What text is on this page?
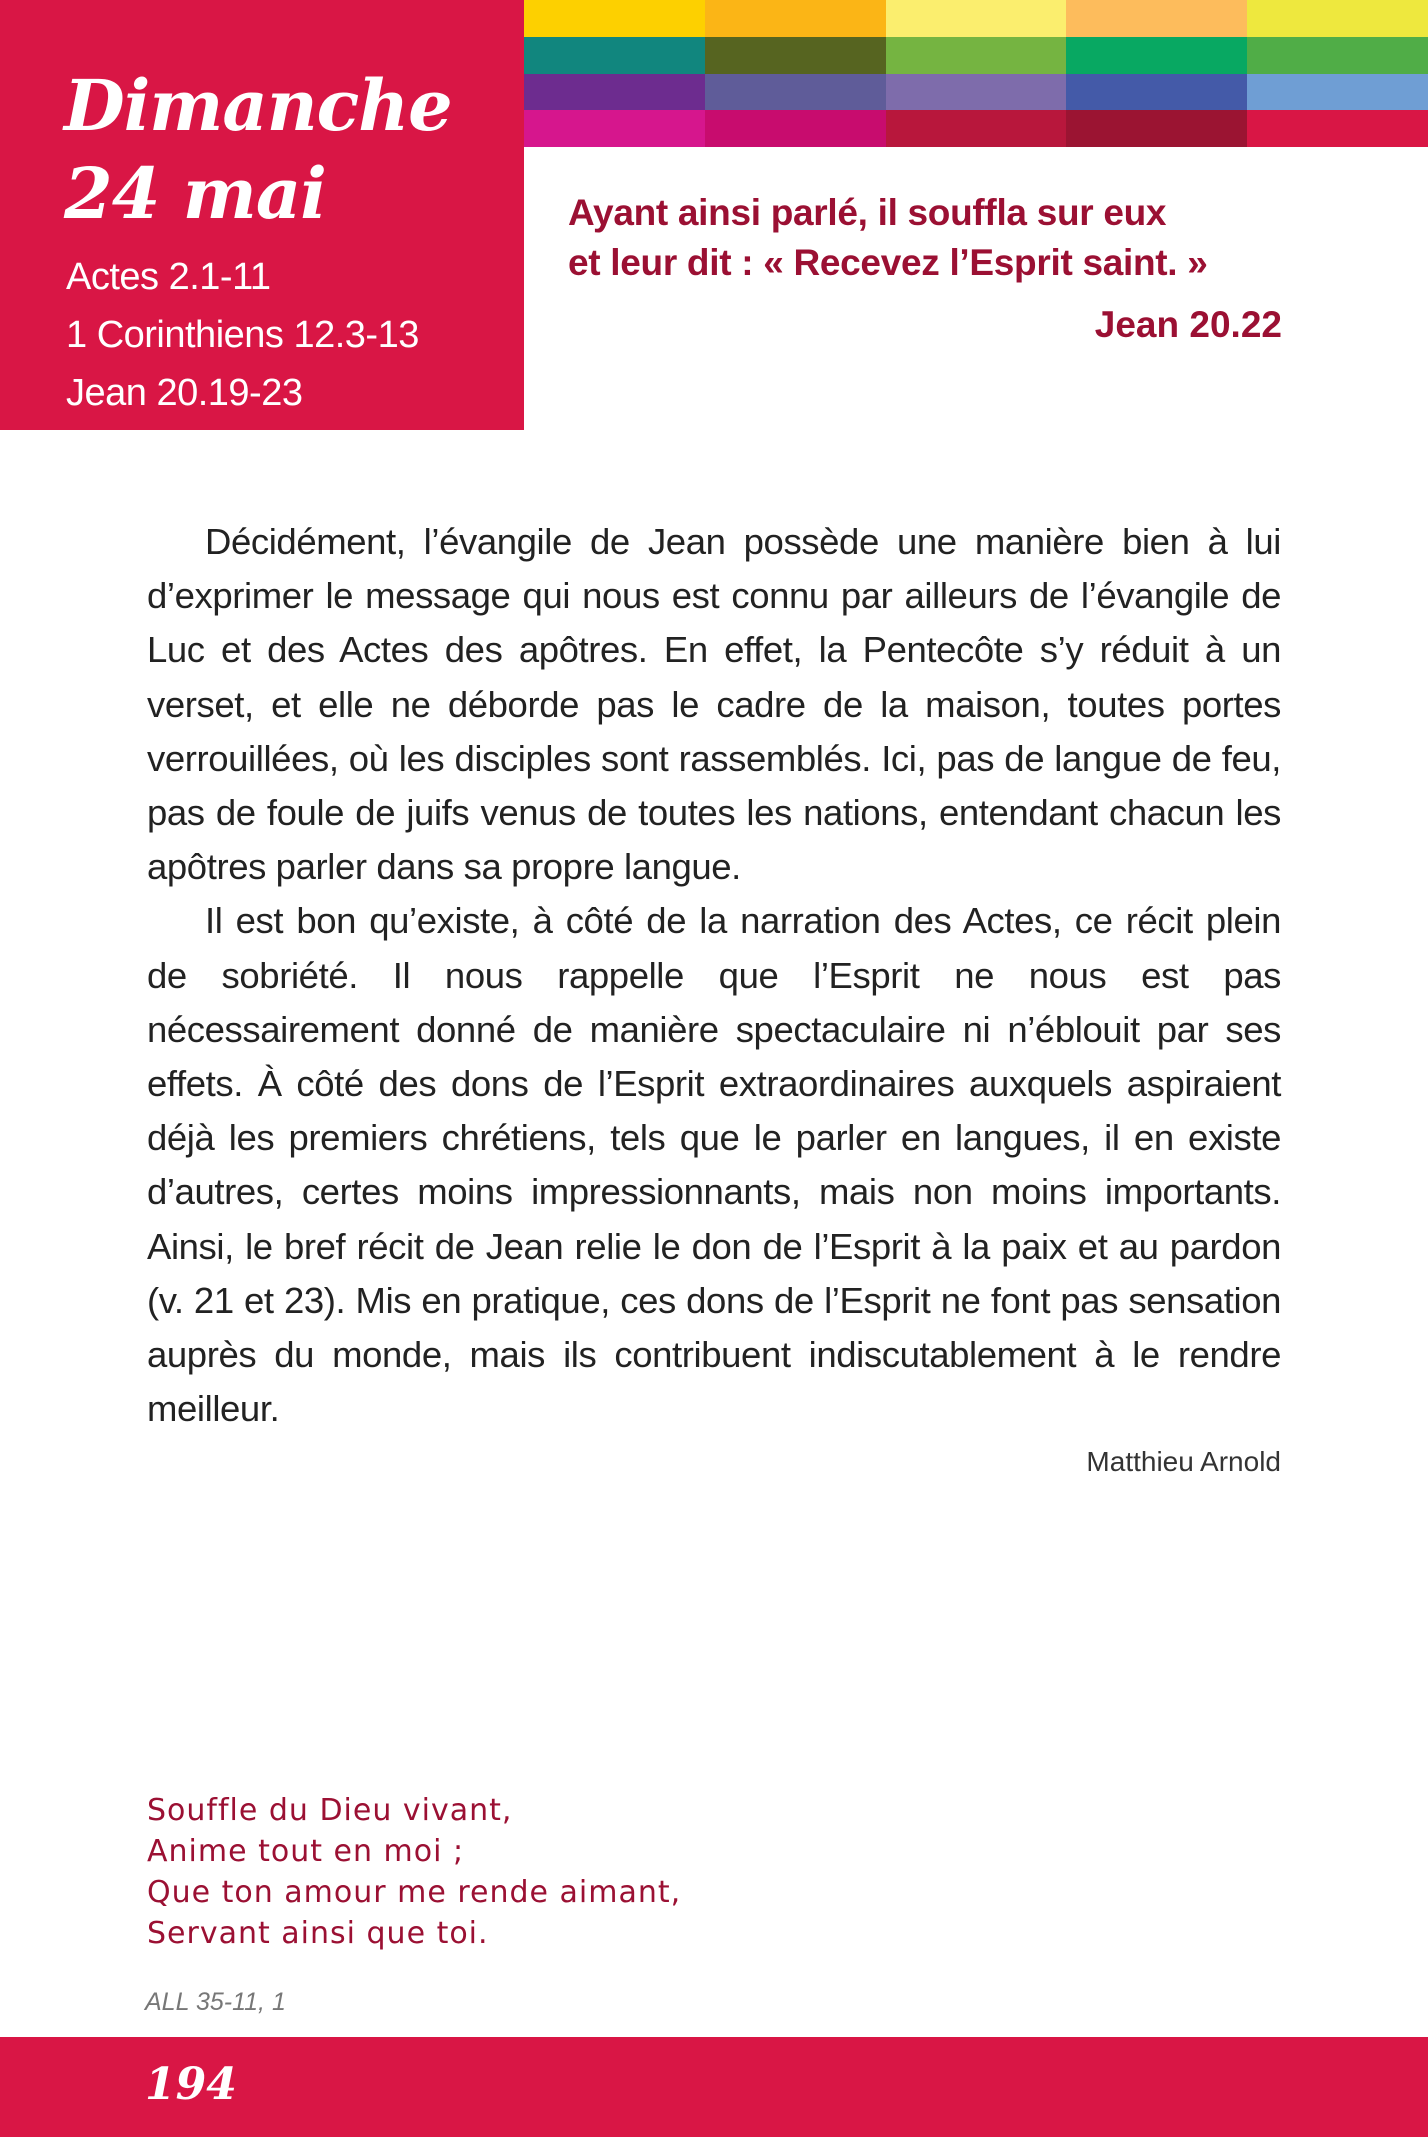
Dimanche
24 mai
Actes 2.1-11
1 Corinthiens 12.3-13
Jean 20.19-23

Ayant ainsi parlé, il souffla sur eux
et leur dit : « Recevez l’Esprit saint. »

Jean 20.22

Décidément, l’évangile de Jean possède une manière bien à lui d’exprimer le message qui nous est connu par ailleurs de l’évangile de Luc et des Actes des apôtres. En effet, la Pentecôte s’y réduit à un verset, et elle ne déborde pas le cadre de la maison, toutes portes verrouillées, où les disciples sont rassemblés. Ici, pas de langue de feu, pas de foule de juifs venus de toutes les nations, entendant chacun les apôtres parler dans sa propre langue.

Il est bon qu’existe, à côté de la narration des Actes, ce récit plein de sobriété. Il nous rappelle que l’Esprit ne nous est pas nécessairement donné de manière spectaculaire ni n’éblouit par ses effets. À côté des dons de l’Esprit extraordinaires auxquels aspiraient déjà les premiers chrétiens, tels que le parler en langues, il en existe d’autres, certes moins impressionnants, mais non moins importants. Ainsi, le bref récit de Jean relie le don de l’Esprit à la paix et au pardon (v. 21 et 23). Mis en pratique, ces dons de l’Esprit ne font pas sensation auprès du monde, mais ils contribuent indiscutablement à le rendre meilleur.

Matthieu Arnold

Souffle du Dieu vivant,
Anime tout en moi ;
Que ton amour me rende aimant,
Servant ainsi que toi.
ALL 35-11, 1
194
